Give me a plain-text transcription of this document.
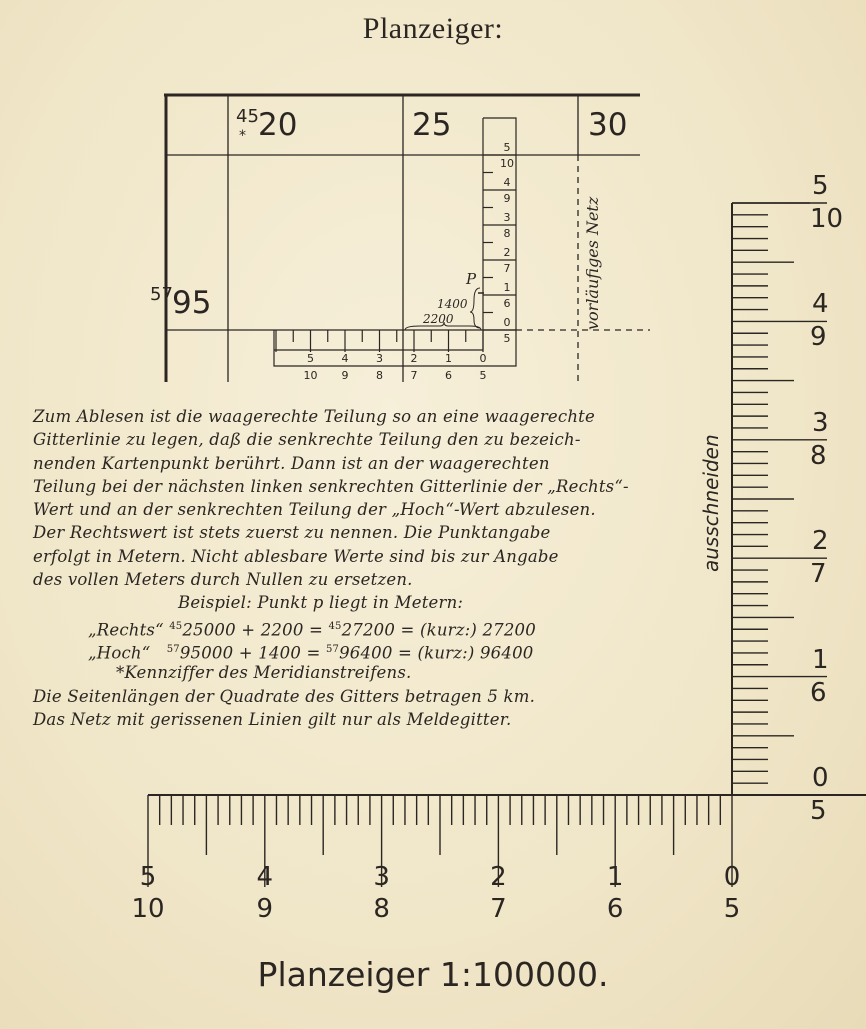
Planzeiger:
45
* 20	25	30
57 95	vorläufiges Netz
5
10
4
9
3
8
2
7
1
6
0
5
5
10
4
9
3
8
2
7
1
6
0
5
P
1400
2200
Zum Ablesen ist die waagerechte Teilung so an eine waagerechte
Gitterlinie zu legen, daß die senkrechte Teilung den zu bezeich-
nenden Kartenpunkt berührt. Dann ist an der waagerechten
Teilung bei der nächsten linken senkrechten Gitterlinie der „Rechts“-
Wert und an der senkrechten Teilung der „Hoch“-Wert abzulesen.
Der Rechtswert ist stets zuerst zu nennen. Die Punktangabe
erfolgt in Metern. Nicht ablesbare Werte sind bis zur Angabe
des vollen Meters durch Nullen zu ersetzen.
Beispiel: Punkt p liegt in Metern:
„Rechts“ $^{45}$25000 + 2200 = $^{45}$27200 = (kurz:) 27200
„Hoch“ $^{57}$95000 + 1400 = $^{57}$96400 = (kurz:) 96400
*Kennziffer des Meridianstreifens.
Die Seitenlängen der Quadrate des Gitters betragen 5 km.
Das Netz mit gerissenen Linien gilt nur als Meldegitter.
5
10
4
9
3
8
2
7
1
6
0
5
5
10
4
9
3
8
2
7
1
6
0
5
ausschneiden
Planzeiger 1:100000.
